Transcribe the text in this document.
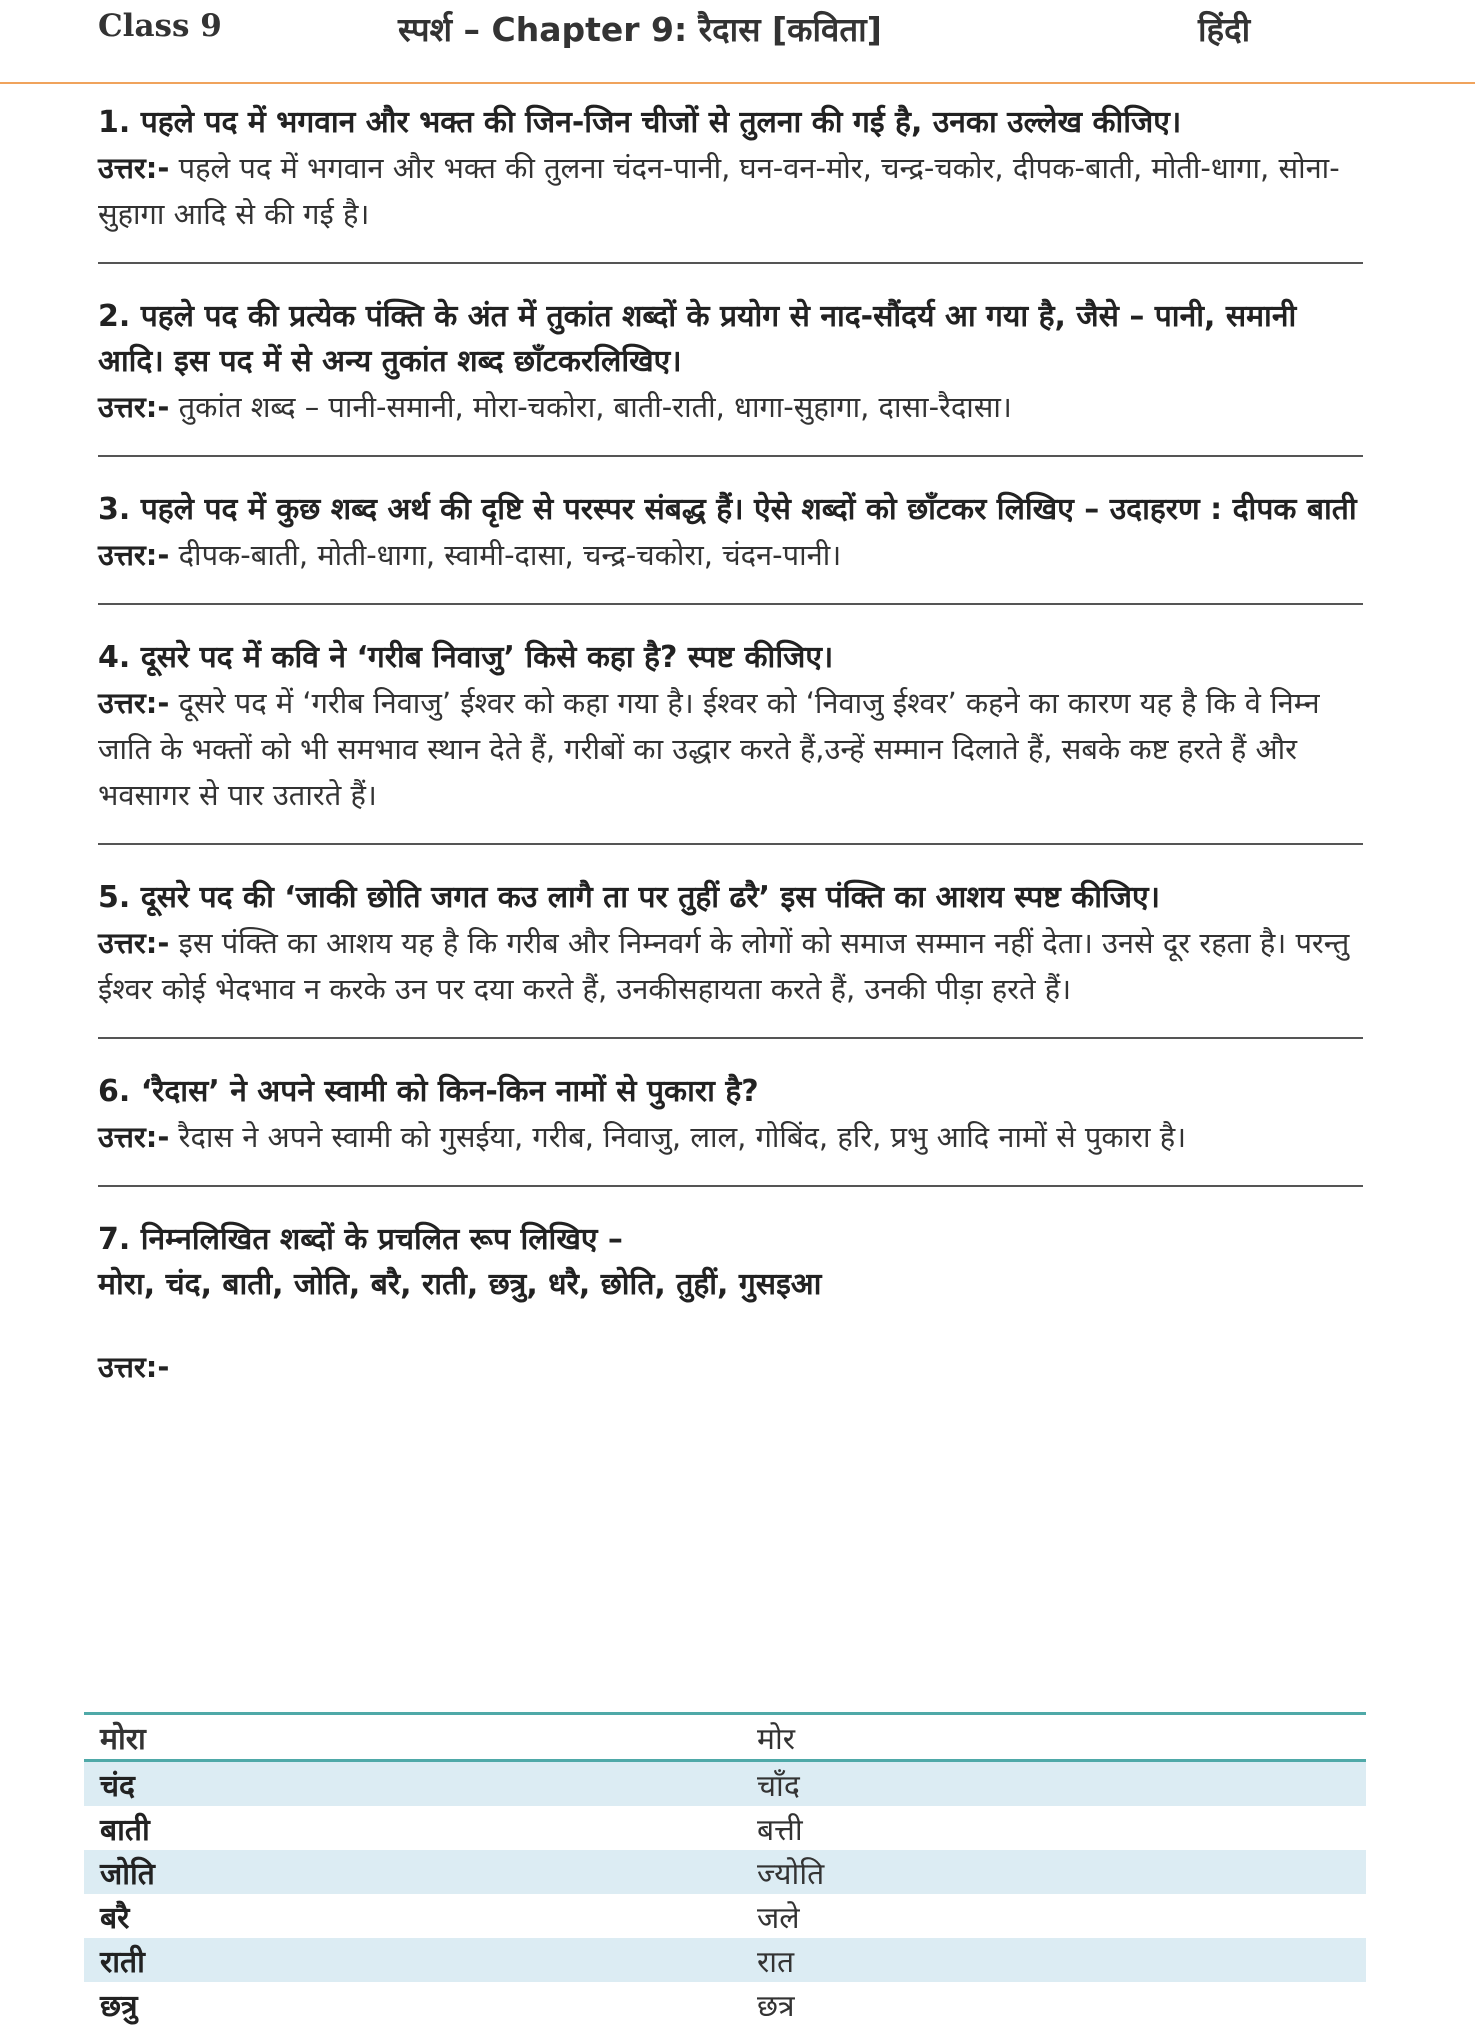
Class 9	स्पर्श – Chapter 9: रैदास [कविता]	हिंदी

1. पहले पद में भगवान और भक्त की जिन-जिन चीजों से तुलना की गई है, उनका उल्लेख कीजिए।

उत्तर:- पहले पद में भगवान और भक्त की तुलना चंदन-पानी, घन-वन-मोर, चन्द्र-चकोर, दीपक-बाती, मोती-धागा, सोना-सुहागा आदि से की गई है।

2. पहले पद की प्रत्येक पंक्ति के अंत में तुकांत शब्दों के प्रयोग से नाद-सौंदर्य आ गया है, जैसे – पानी, समानी आदि। इस पद में से अन्य तुकांत शब्द छाँटकरलिखिए।

उत्तर:- तुकांत शब्द – पानी-समानी, मोरा-चकोरा, बाती-राती, धागा-सुहागा, दासा-रैदासा।

3. पहले पद में कुछ शब्द अर्थ की दृष्टि से परस्पर संबद्ध हैं। ऐसे शब्दों को छाँटकर लिखिए – उदाहरण : दीपक बाती

उत्तर:- दीपक-बाती, मोती-धागा, स्वामी-दासा, चन्द्र-चकोरा, चंदन-पानी।

4. दूसरे पद में कवि ने ‘गरीब निवाजु’ किसे कहा है? स्पष्ट कीजिए।

उत्तर:- दूसरे पद में ‘गरीब निवाजु’ ईश्वर को कहा गया है। ईश्वर को ‘निवाजु ईश्वर’ कहने का कारण यह है कि वे निम्न जाति के भक्तों को भी समभाव स्थान देते हैं, गरीबों का उद्धार करते हैं,उन्हें सम्मान दिलाते हैं, सबके कष्ट हरते हैं और भवसागर से पार उतारते हैं।

5. दूसरे पद की ‘जाकी छोति जगत कउ लागै ता पर तुहीं ढरै’ इस पंक्ति का आशय स्पष्ट कीजिए।

उत्तर:- इस पंक्ति का आशय यह है कि गरीब और निम्नवर्ग के लोगों को समाज सम्मान नहीं देता। उनसे दूर रहता है। परन्तु ईश्वर कोई भेदभाव न करके उन पर दया करते हैं, उनकीसहायता करते हैं, उनकी पीड़ा हरते हैं।

6. ‘रैदास’ ने अपने स्वामी को किन-किन नामों से पुकारा है?

उत्तर:- रैदास ने अपने स्वामी को गुसईया, गरीब, निवाजु, लाल, गोबिंद, हरि, प्रभु आदि नामों से पुकारा है।

7. निम्नलिखित शब्दों के प्रचलित रूप लिखिए –

मोरा, चंद, बाती, जोति, बरै, राती, छत्रु, धरै, छोति, तुहीं, गुसइआ

उत्तर:-
मोरा	मोर
चंद	चाँद
बाती	बत्ती
जोति	ज्योति
बरै	जले
राती	रात
छत्रु	छत्र
